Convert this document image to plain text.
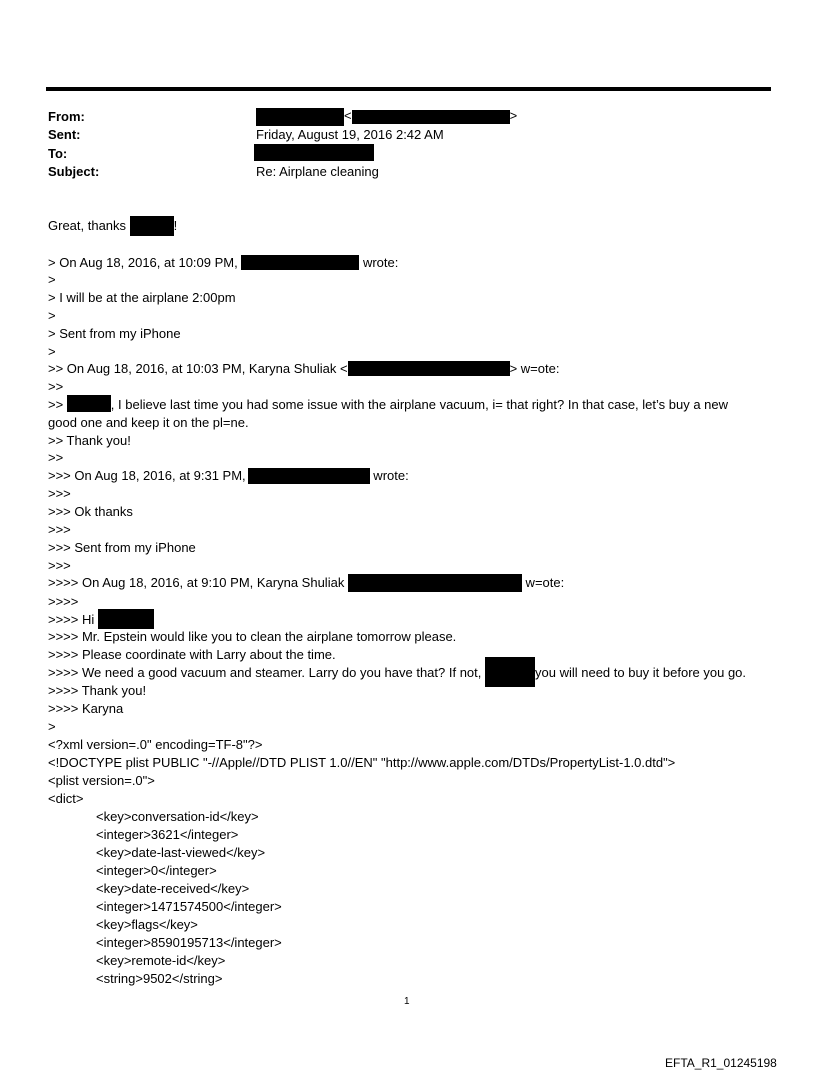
From:	<	>
Sent:	Friday, August 19, 2016 2:42 AM
To:
Subject:	Re: Airplane cleaning
Great, thanks	!
> On Aug 18, 2016, at 10:09 PM,	wrote:
>
> I will be at the airplane 2:00pm
>
> Sent from my iPhone
>
>> On Aug 18, 2016, at 10:03 PM, Karyna Shuliak <	> w=ote:
>>
>>	, I believe last time you had some issue with the airplane vacuum, i= that right? In that case, let’s buy a new good one and keep it on the pl=ne.
>> Thank you!
>>
>>> On Aug 18, 2016, at 9:31 PM,	wrote:
>>>
>>> Ok thanks
>>>
>>> Sent from my iPhone
>>>
>>>> On Aug 18, 2016, at 9:10 PM, Karyna Shuliak	w=ote:
>>>>
>>>> Hi
>>>> Mr. Epstein would like you to clean the airplane tomorrow please.
>>>> Please coordinate with Larry about the time.
>>>> We need a good vacuum and steamer. Larry do you have that? If not,	you will need to buy it before you go.
>>>> Thank you!
>>>> Karyna
>
<?xml version=.0" encoding=TF-8"?>
<!DOCTYPE plist PUBLIC "-//Apple//DTD PLIST 1.0//EN" "http://www.apple.com/DTDs/PropertyList-1.0.dtd">
<plist version=.0">
<dict>
<key>conversation-id</key>
<integer>3621</integer>
<key>date-last-viewed</key>
<integer>0</integer>
<key>date-received</key>
<integer>1471574500</integer>
<key>flags</key>
<integer>8590195713</integer>
<key>remote-id</key>
<string>9502</string>
1
EFTA_R1_01245198
